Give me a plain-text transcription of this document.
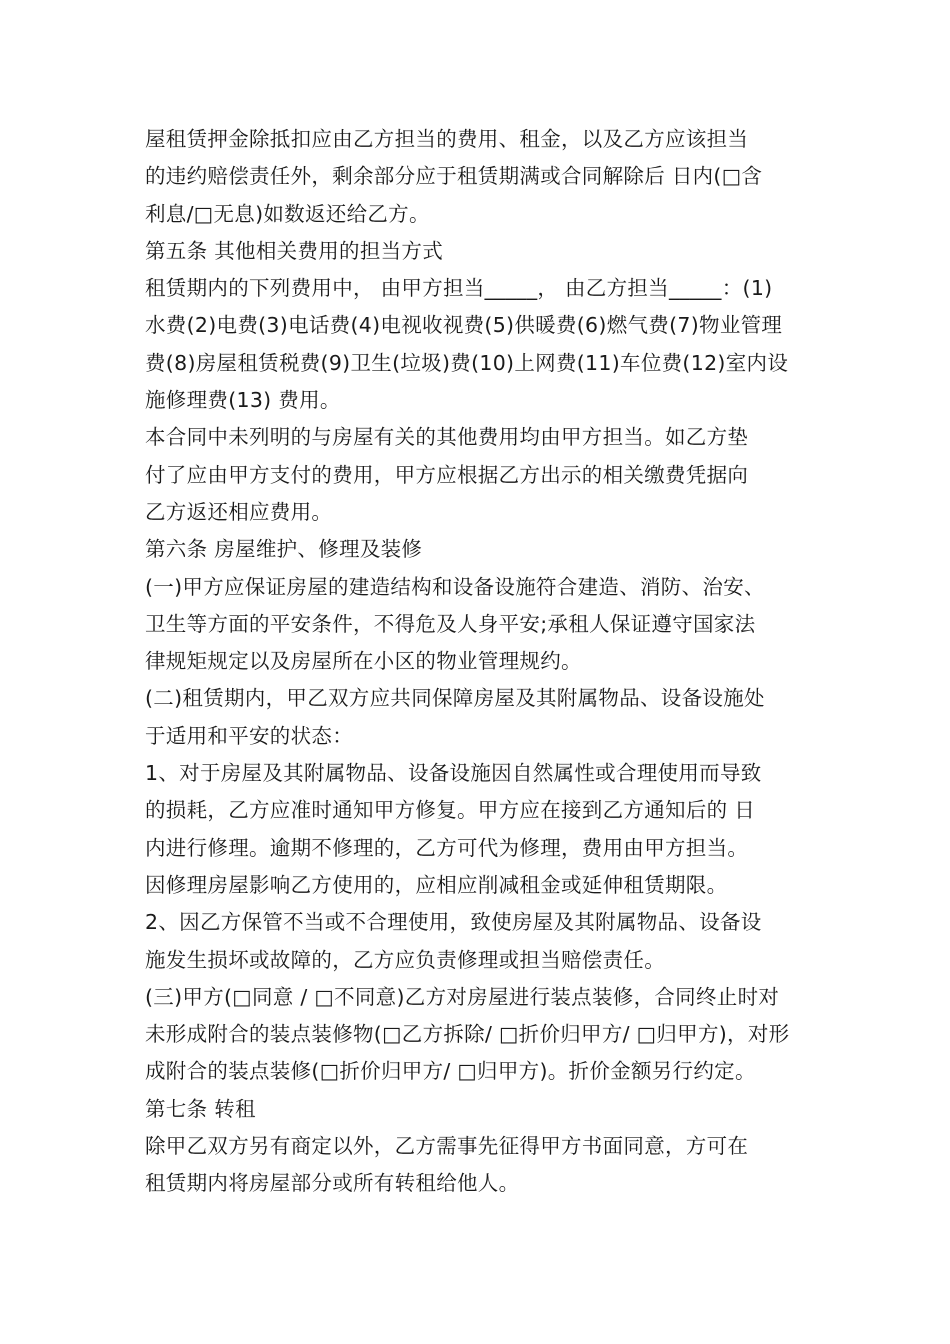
屋租赁押金除抵扣应由乙方担当的费用、租金，以及乙方应该担当
的违约赔偿责任外，剩余部分应于租赁期满或合同解除后 日内(□含
利息/□无息)如数返还给乙方。
第五条 其他相关费用的担当方式
租赁期内的下列费用中， 由甲方担当_____， 由乙方担当_____：(1)
水费(2)电费(3)电话费(4)电视收视费(5)供暖费(6)燃气费(7)物业管理
费(8)房屋租赁税费(9)卫生(垃圾)费(10)上网费(11)车位费(12)室内设
施修理费(13) 费用。
本合同中未列明的与房屋有关的其他费用均由甲方担当。如乙方垫
付了应由甲方支付的费用，甲方应根据乙方出示的相关缴费凭据向
乙方返还相应费用。
第六条 房屋维护、修理及装修
(一)甲方应保证房屋的建造结构和设备设施符合建造、消防、治安、
卫生等方面的平安条件，不得危及人身平安;承租人保证遵守国家法
律规矩规定以及房屋所在小区的物业管理规约。
(二)租赁期内，甲乙双方应共同保障房屋及其附属物品、设备设施处
于适用和平安的状态：
1、对于房屋及其附属物品、设备设施因自然属性或合理使用而导致
的损耗，乙方应准时通知甲方修复。甲方应在接到乙方通知后的 日
内进行修理。逾期不修理的，乙方可代为修理，费用由甲方担当。
因修理房屋影响乙方使用的，应相应削减租金或延伸租赁期限。
2、因乙方保管不当或不合理使用，致使房屋及其附属物品、设备设
施发生损坏或故障的，乙方应负责修理或担当赔偿责任。
(三)甲方(□同意 / □不同意)乙方对房屋进行装点装修，合同终止时对
未形成附合的装点装修物(□乙方拆除/ □折价归甲方/ □归甲方)，对形
成附合的装点装修(□折价归甲方/ □归甲方)。折价金额另行约定。
第七条 转租
除甲乙双方另有商定以外，乙方需事先征得甲方书面同意，方可在
租赁期内将房屋部分或所有转租给他人。
